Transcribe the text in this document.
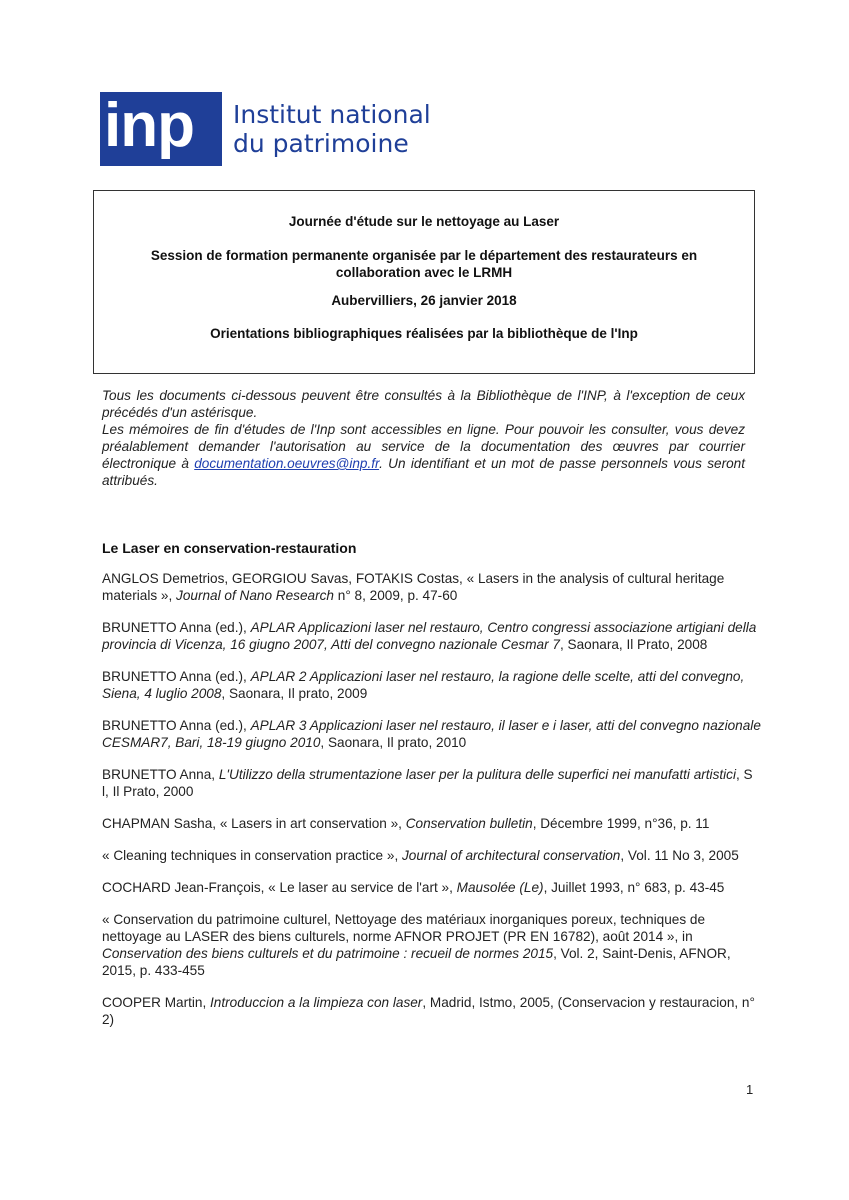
inp Institut national
du patrimoine

Journée d'étude sur le nettoyage au Laser

Session de formation permanente organisée par le département des restaurateurs en collaboration avec le LRMH

Aubervilliers, 26 janvier 2018

Orientations bibliographiques réalisées par la bibliothèque de l'Inp

Tous les documents ci-dessous peuvent être consultés à la Bibliothèque de l'INP, à l'exception de ceux précédés d'un astérisque.

Les mémoires de fin d'études de l'Inp sont accessibles en ligne. Pour pouvoir les consulter, vous devez préalablement demander l'autorisation au service de la documentation des œuvres par courrier électronique à documentation.oeuvres@inp.fr. Un identifiant et un mot de passe personnels vous seront attribués.

Le Laser en conservation-restauration

ANGLOS Demetrios, GEORGIOU Savas, FOTAKIS Costas, « Lasers in the analysis of cultural heritage materials », Journal of Nano Research n° 8, 2009, p. 47-60

BRUNETTO Anna (ed.), APLAR Applicazioni laser nel restauro, Centro congressi associazione artigiani della provincia di Vicenza, 16 giugno 2007, Atti del convegno nazionale Cesmar 7, Saonara, Il Prato, 2008

BRUNETTO Anna (ed.), APLAR 2 Applicazioni laser nel restauro, la ragione delle scelte, atti del convegno, Siena, 4 luglio 2008, Saonara, Il prato, 2009

BRUNETTO Anna (ed.), APLAR 3 Applicazioni laser nel restauro, il laser e i laser, atti del convegno nazionale CESMAR7, Bari, 18-19 giugno 2010, Saonara, Il prato, 2010

BRUNETTO Anna, L'Utilizzo della strumentazione laser per la pulitura delle superfici nei manufatti artistici, S l, Il Prato, 2000

CHAPMAN Sasha, « Lasers in art conservation », Conservation bulletin, Décembre 1999, n°36, p. 11

« Cleaning techniques in conservation practice », Journal of architectural conservation, Vol. 11 No 3, 2005

COCHARD Jean-François, « Le laser au service de l'art », Mausolée (Le), Juillet 1993, n° 683, p. 43-45

« Conservation du patrimoine culturel, Nettoyage des matériaux inorganiques poreux, techniques de nettoyage au LASER des biens culturels, norme AFNOR PROJET (PR EN 16782), août 2014 », in Conservation des biens culturels et du patrimoine : recueil de normes 2015, Vol. 2, Saint-Denis, AFNOR, 2015, p. 433-455

COOPER Martin, Introduccion a la limpieza con laser, Madrid, Istmo, 2005, (Conservacion y restauracion, n° 2)

1
